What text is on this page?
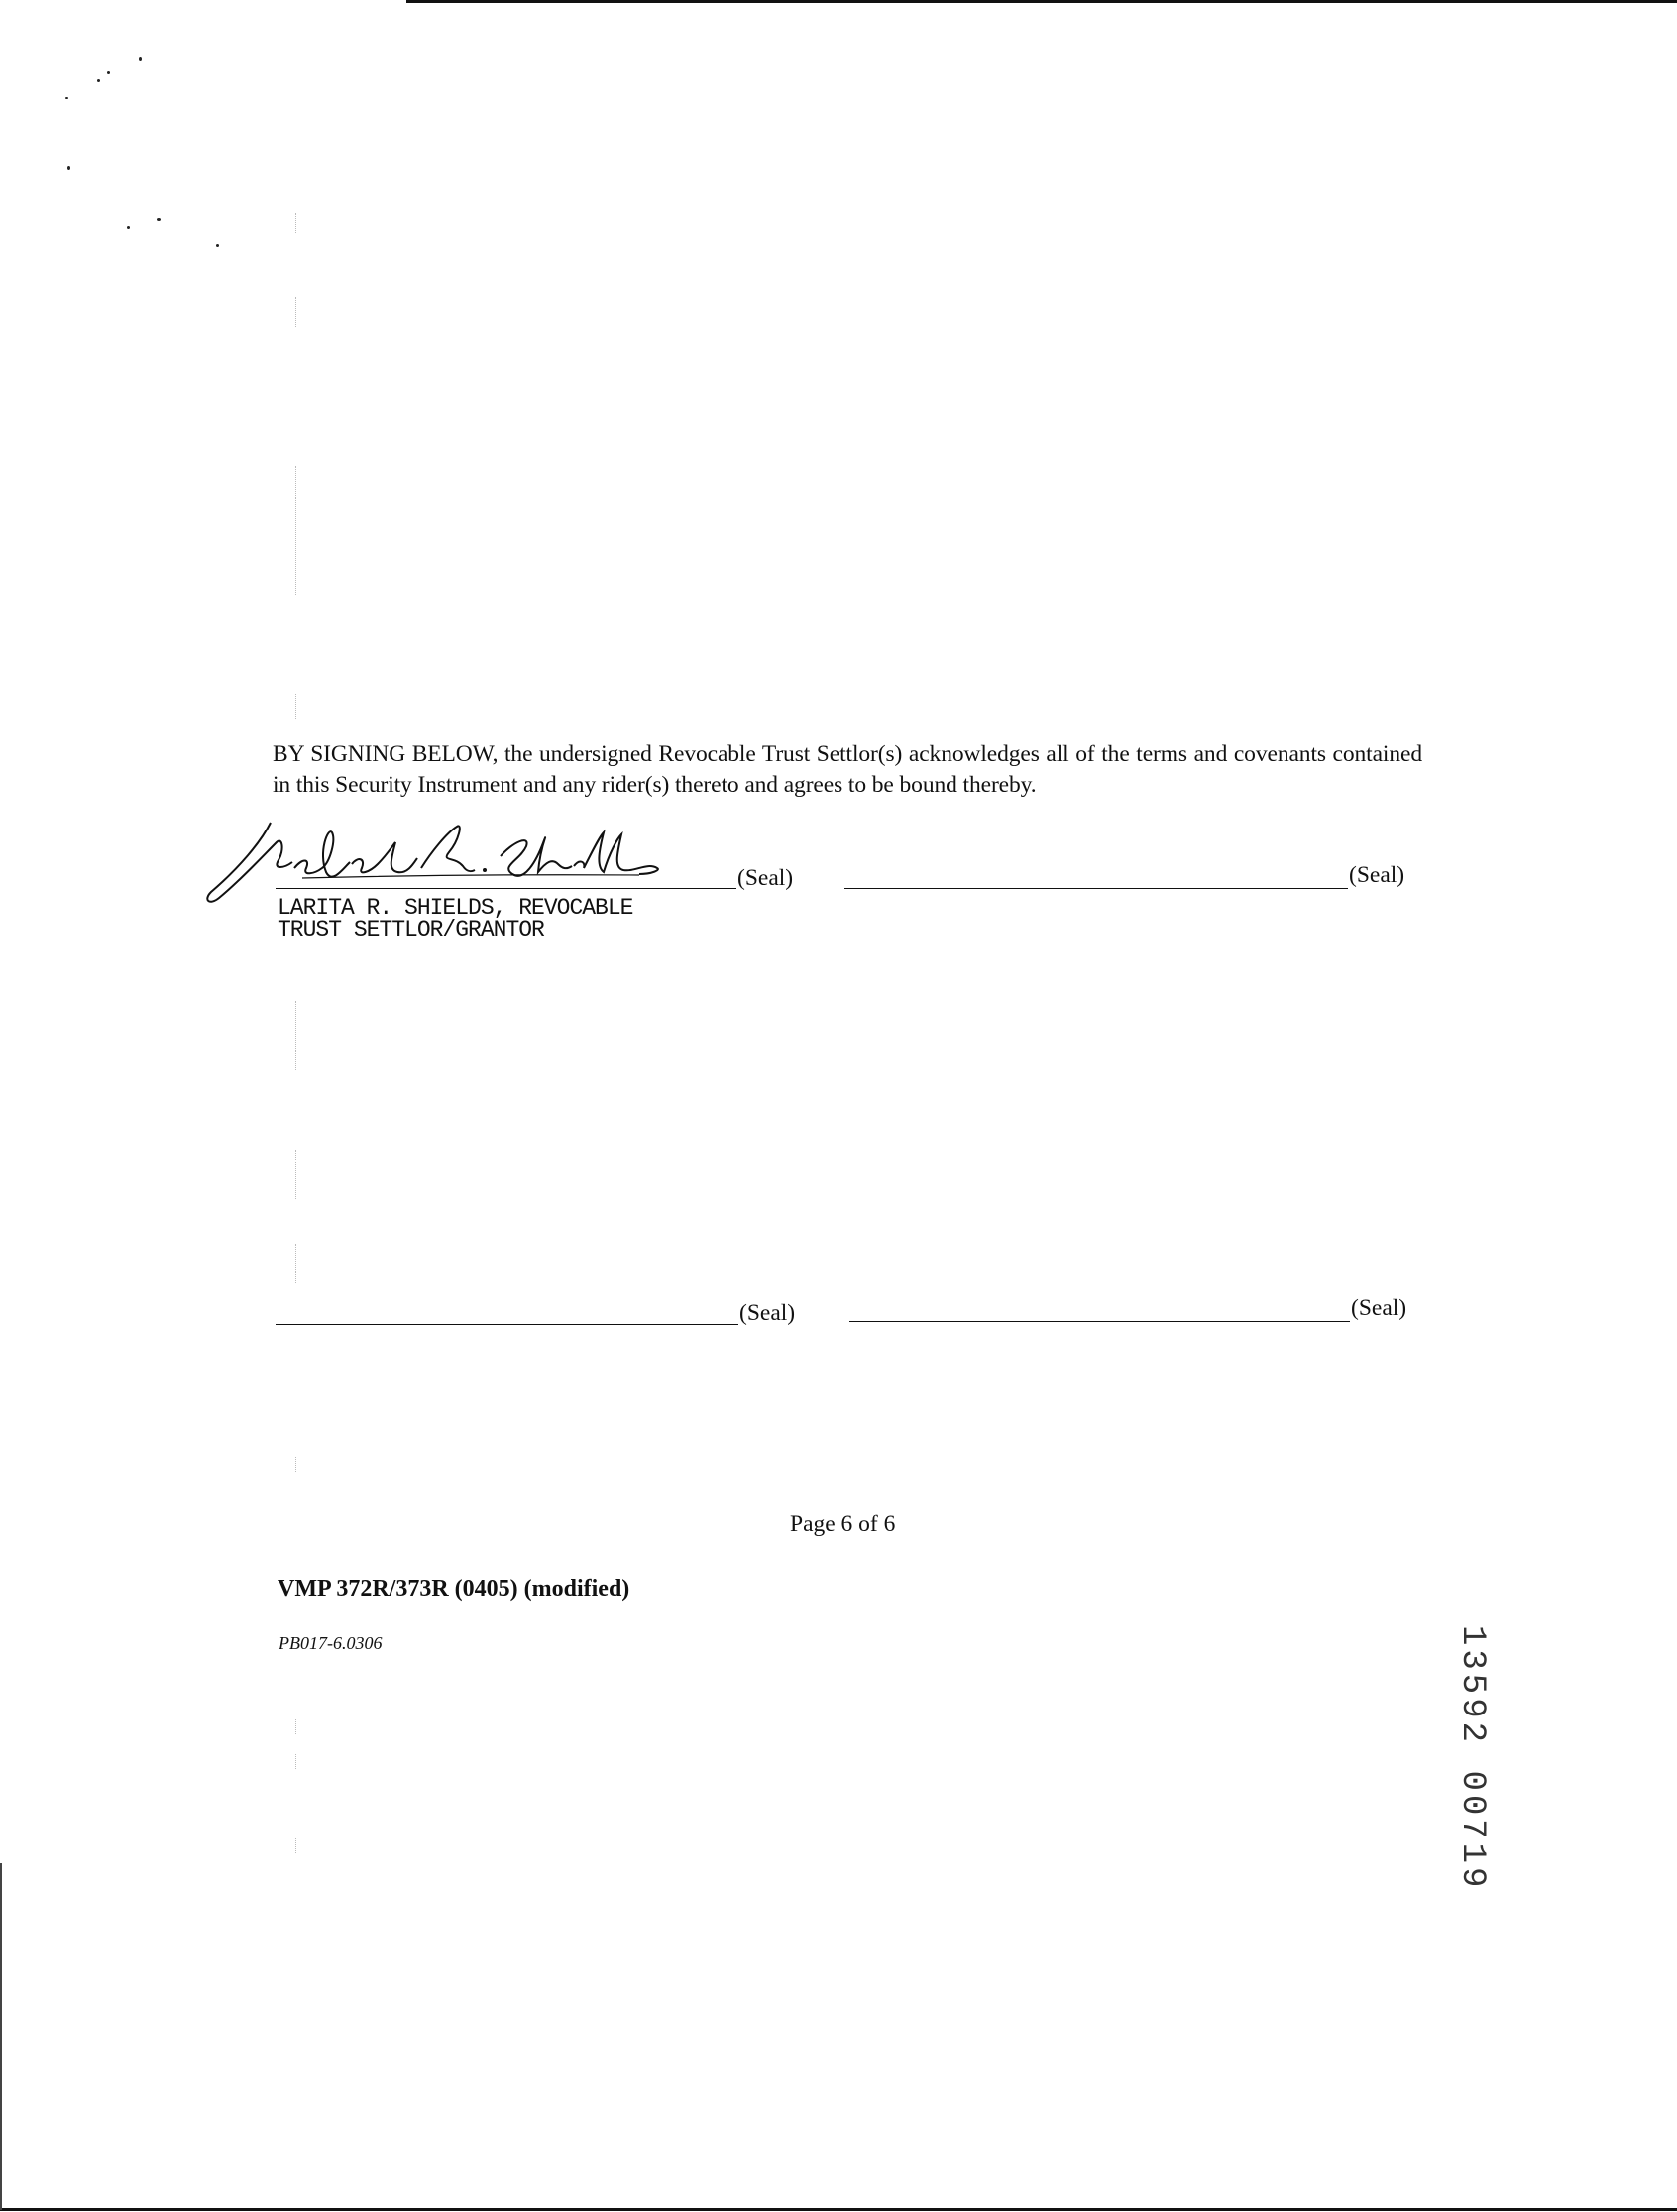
BY SIGNING BELOW, the undersigned Revocable Trust Settlor(s) acknowledges all of the terms and covenants contained in this Security Instrument and any rider(s) thereto and agrees to be bound thereby.
(Seal)
LARITA R. SHIELDS, REVOCABLE
TRUST SETTLOR/GRANTOR
(Seal)
(Seal)	(Seal)
Page 6 of 6
VMP 372R/373R (0405) (modified)
PB017-6.0306	13592 00719
